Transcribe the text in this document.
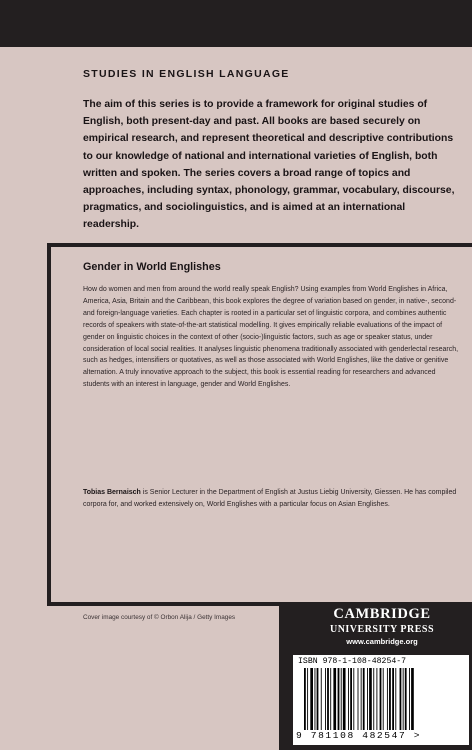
STUDIES IN ENGLISH LANGUAGE

The aim of this series is to provide a framework for original studies of English, both present-day and past. All books are based securely on empirical research, and represent theoretical and descriptive contributions to our knowledge of national and international varieties of English, both written and spoken. The series covers a broad range of topics and approaches, including syntax, phonology, grammar, vocabulary, discourse, pragmatics, and sociolinguistics, and is aimed at an international readership.

Gender in World Englishes

How do women and men from around the world really speak English? Using examples from World Englishes in Africa, America, Asia, Britain and the Caribbean, this book explores the degree of variation based on gender, in native-, second- and foreign-language varieties. Each chapter is rooted in a particular set of linguistic corpora, and combines authentic records of speakers with state-of-the-art statistical modelling. It gives empirically reliable evaluations of the impact of gender on linguistic choices in the context of other (socio-)linguistic factors, such as age or speaker status, under consideration of local social realities. It analyses linguistic phenomena traditionally associated with genderlectal research, such as hedges, intensifiers or quotatives, as well as those associated with World Englishes, like the dative or genitive alternation. A truly innovative approach to the subject, this book is essential reading for researchers and advanced students with an interest in language, gender and World Englishes.

Tobias Bernaisch is Senior Lecturer in the Department of English at Justus Liebig University, Giessen. He has compiled corpora for, and worked extensively on, World Englishes with a particular focus on Asian Englishes.

Cover image courtesy of © Orbon Alija / Getty Images	CAMBRIDGE
UNIVERSITY PRESS
www.cambridge.org
ISBN 978-1-108-48254-7
9 781108 482547 >
